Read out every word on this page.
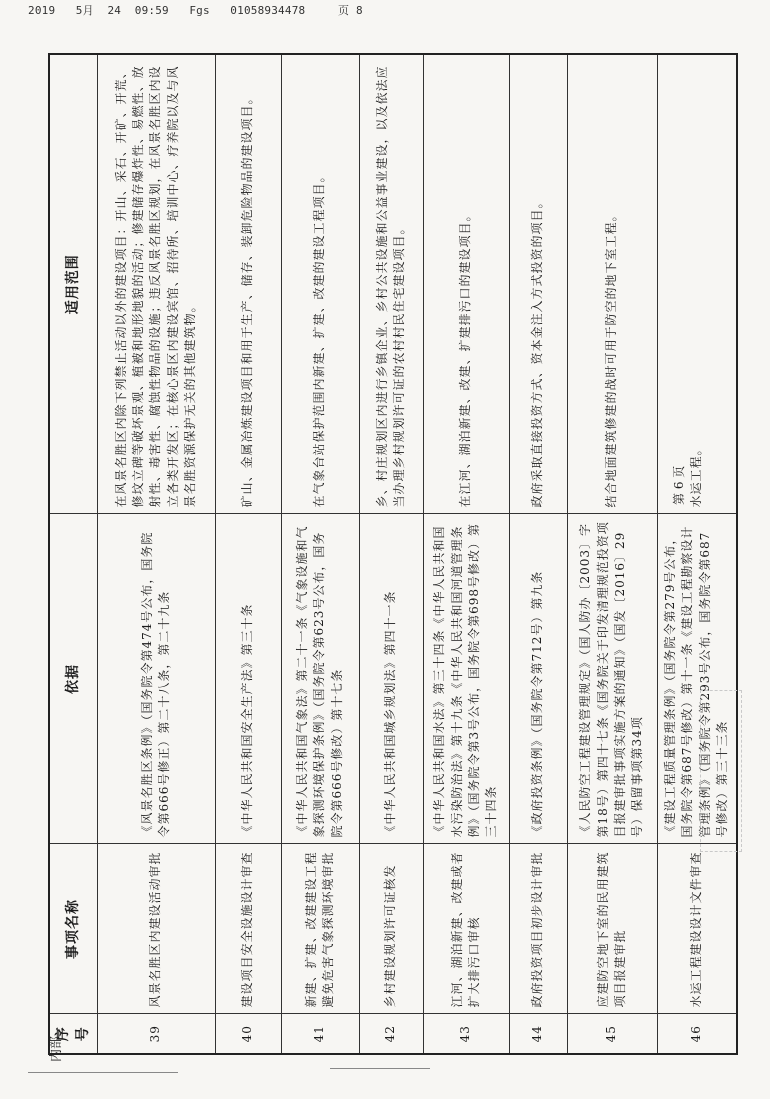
2019 5月 24 09:59 Fgs 01058934478	页 8
内部
序号	事项名称	依据	适用范围
39	风景名胜区内建设活动审批	《风景名胜区条例》（国务院令第474号公布，国务院令第666号修正）第二十八条，第二十九条	在风景名胜区内除下列禁止活动以外的建设项目：开山、采石、开矿、开荒、修坟立碑等破坏景观、植被和地形地貌的活动；修建储存爆炸性、易燃性、放射性、毒害性、腐蚀性物品的设施；违反风景名胜区规划，在风景名胜区内设立各类开发区；在核心景区内建设宾馆、招待所、培训中心、疗养院以及与风景名胜资源保护无关的其他建筑物。
40	建设项目安全设施设计审查	《中华人民共和国安全生产法》第三十条	矿山、金属冶炼建设项目和用于生产、储存、装卸危险物品的建设项目。
41	新建、扩建、改建建设工程避免危害气象探测环境审批	《中华人民共和国气象法》第二十一条《气象设施和气象探测环境保护条例》（国务院令第623号公布，国务院令第666号修改）第十七条	在气象台站保护范围内新建、扩建、改建的建设工程项目。
42	乡村建设规划许可证核发	《中华人民共和国城乡规划法》第四十一条	乡、村庄规划区内进行乡镇企业、乡村公共设施和公益事业建设，以及依法应当办理乡村规划许可证的农村村民住宅建设项目。
43	江河、湖泊新建、改建或者扩大排污口审核	《中华人民共和国水法》第三十四条《中华人民共和国水污染防治法》第十九条《中华人民共和国河道管理条例》（国务院令第3号公布，国务院令第698号修改）第三十四条	在江河、湖泊新建、改建、扩建排污口的建设项目。
44	政府投资项目初步设计审批	《政府投资条例》（国务院令第712号）第九条	政府采取直接投资方式、资本金注入方式投资的项目。
45	应建防空地下室的民用建筑项目报建审批	《人民防空工程建设管理规定》（国人防办〔2003〕字第18号）第四十七条《国务院关于印发清理规范投资项目报建审批事项实施方案的通知》（国发〔2016〕29号）保留事项第34项	结合地面建筑修建的战时可用于防空的地下室工程。
46	水运工程建设设计文件审查	《建设工程质量管理条例》（国务院令第279号公布，国务院令第687号修改）第十一条《建设工程勘察设计管理条例》（国务院令第293号公布，国务院令第687号修改）第三十三条	水运工程。
第 6 页
